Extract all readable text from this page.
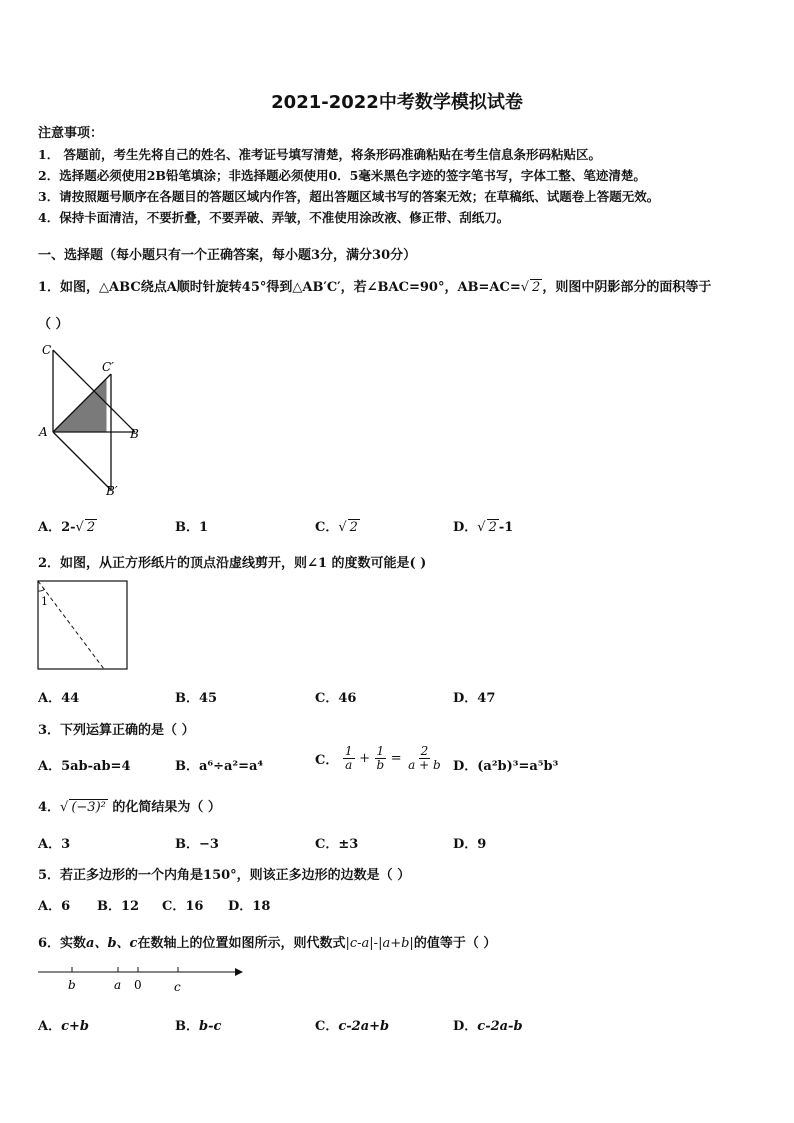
2021-2022中考数学模拟试卷
注意事项：
1． 答题前，考生先将自己的姓名、准考证号填写清楚，将条形码准确粘贴在考生信息条形码粘贴区。
2．选择题必须使用2B铅笔填涂；非选择题必须使用0．5毫米黑色字迹的签字笔书写，字体工整、笔迹清楚。
3．请按照题号顺序在各题目的答题区域内作答，超出答题区域书写的答案无效；在草稿纸、试题卷上答题无效。
4．保持卡面清洁，不要折叠，不要弄破、弄皱，不准使用涂改液、修正带、刮纸刀。
一、选择题（每小题只有一个正确答案，每小题3分，满分30分）
1．如图，△ABC绕点A顺时针旋转45°得到△AB′C′，若∠BAC=90°，AB=AC=√ 2 ，则图中阴影部分的面积等于
（ ）
C
C′
A	B
B′
A．2-√ 2	B．1	C．√ 2	D．√ 2 -1
2．如图，从正方形纸片的顶点沿虚线剪开，则∠1 的度数可能是( )
1
A．44	B．45	C．46	D．47
3．下列运算正确的是（ ）
A．5ab-ab=4	B．a⁶÷a²=a⁴	C． $\frac{1}{a} + \frac{1}{b} = \frac{2}{a + b}$ D．(a²b)³=a⁵b³
4．√ (−3)² 的化简结果为（ ）
A．3	B．−3	C．±3	D．9
5．若正多边形的一个内角是150°，则该正多边形的边数是（ ）
A．6 B．12 C．16 D．18
6．实数a、b、c在数轴上的位置如图所示，则代数式|c-a|-|a+b|的值等于（ ）
b	a 0	c
A．c+b	B．b-c	C．c-2a+b	D．c-2a-b
